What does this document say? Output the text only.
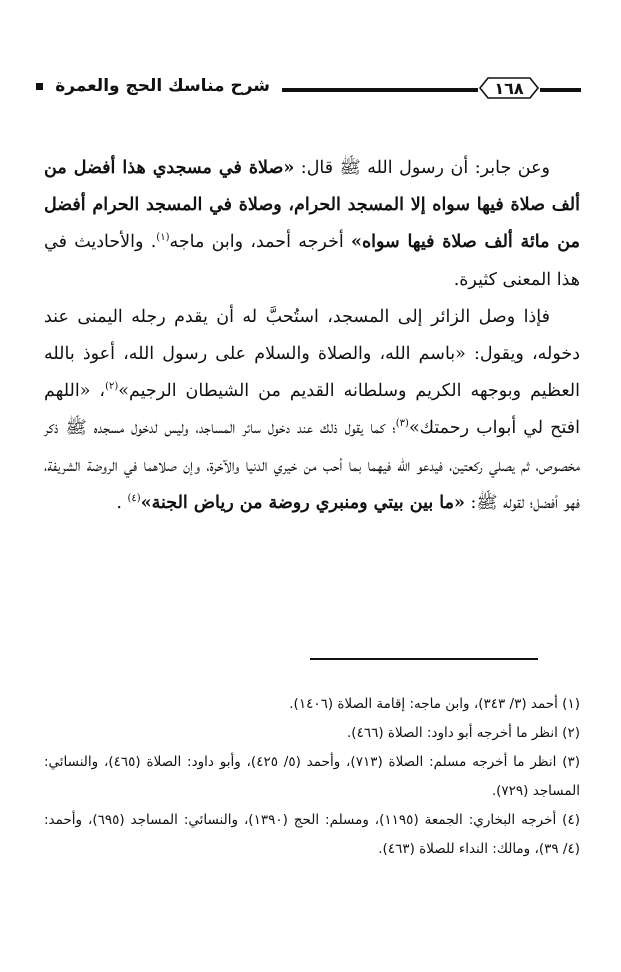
شرح مناسك الحج والعمرة	١٦٨

وعن جابر: أن رسول الله ﷺ قال: «صلاة في مسجدي هذا أفضل من ألف صلاة فيها سواه إلا المسجد الحرام، وصلاة في المسجد الحرام أفضل من مائة ألف صلاة فيها سواه» أخرجه أحمد، وابن ماجه$^{(١)}$. والأحاديث في هذا المعنى كثيرة.

فإذا وصل الزائر إلى المسجد، استُحبَّ له أن يقدم رجله اليمنى عند دخوله، ويقول: «باسم الله، والصلاة والسلام على رسول الله، أعوذ بالله العظيم وبوجهه الكريم وسلطانه القديم من الشيطان الرجيم»$^{(٢)}$، «اللهم افتح لي أبواب رحمتك»$^{(٣)}$؛ كما يقول ذلك عند دخول سائر المساجد، وليس لدخول مسجده ﷺ ذكر مخصوص، ثم يصلي ركعتين، فيدعو الله فيهما بما أحب من خيري الدنيا والآخرة، وإن صلاهما في الروضة الشريفة، فهو أفضل؛ لقوله ﷺ: «ما بين بيتي ومنبري روضة من رياض الجنة»$^{(٤)}$ .

(١) أحمد (٣/ ٣٤٣)، وابن ماجه: إقامة الصلاة (١٤٠٦).
(٢) انظر ما أخرجه أبو داود: الصلاة (٤٦٦).
(٣) انظر ما أخرجه مسلم: الصلاة (٧١٣)، وأحمد (٥/ ٤٢٥)، وأبو داود: الصلاة (٤٦٥)، والنسائي: المساجد (٧٢٩).
(٤) أخرجه البخاري: الجمعة (١١٩٥)، ومسلم: الحج (١٣٩٠)، والنسائي: المساجد (٦٩٥)، وأحمد: (٤/ ٣٩)، ومالك: النداء للصلاة (٤٦٣).
